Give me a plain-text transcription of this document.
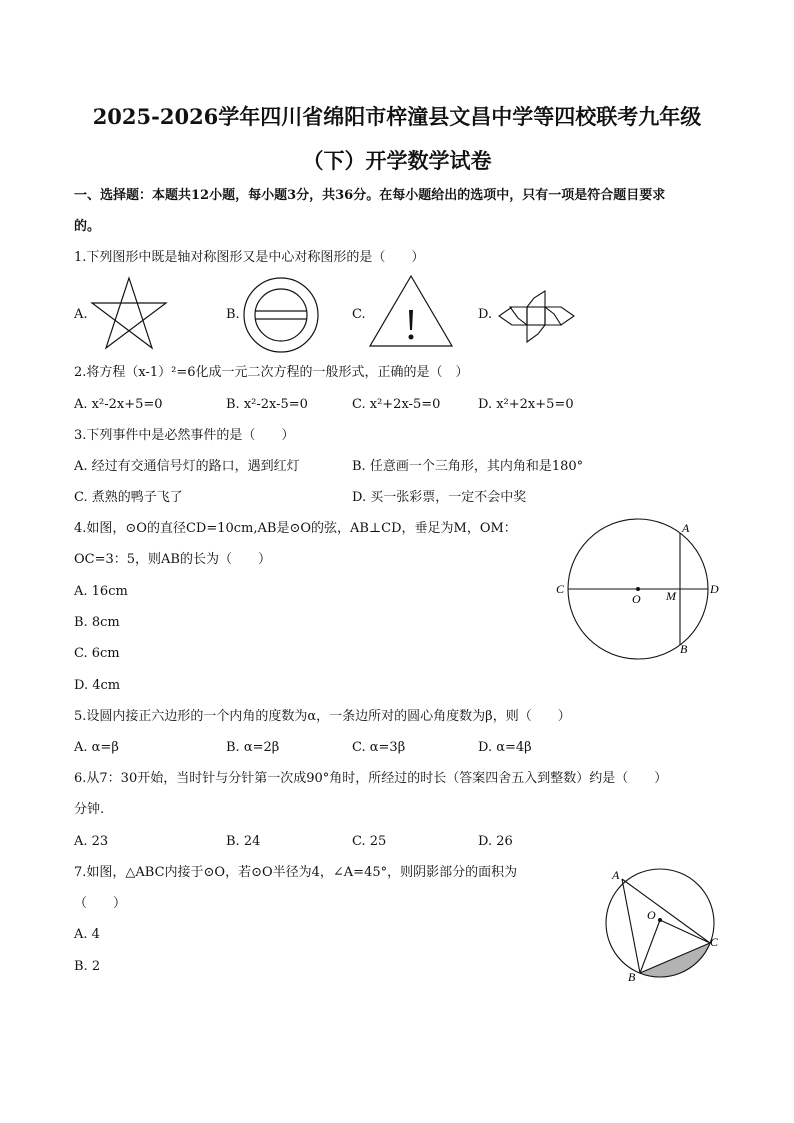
2025-2026学年四川省绵阳市梓潼县文昌中学等四校联考九年级
（下）开学数学试卷
一、选择题：本题共12小题，每小题3分，共36分。在每小题给出的选项中，只有一项是符合题目要求
的。
1.下列图形中既是轴对称图形又是中心对称图形的是（　　）
A.	B.	C.	D.
2.将方程（x-1）²=6化成一元二次方程的一般形式，正确的是（　）
A. x²-2x+5=0	B. x²-2x-5=0	C. x²+2x-5=0	D. x²+2x+5=0
3.下列事件中是必然事件的是（　　）
A. 经过有交通信号灯的路口，遇到红灯	B. 任意画一个三角形，其内角和是180°
C. 煮熟的鸭子飞了	D. 买一张彩票，一定不会中奖
4.如图，⊙O的直径CD=10cm,AB是⊙O的弦，AB⊥CD，垂足为M，OM：
OC=3：5，则AB的长为（　　）
A. 16cm
B. 8cm
C. 6cm
D. 4cm
A
B
C	D
O M
5.设圆内接正六边形的一个内角的度数为α，一条边所对的圆心角度数为β，则（　　）
A. α=β	B. α=2β	C. α=3β	D. α=4β
6.从7：30开始，当时针与分针第一次成90°角时，所经过的时长（答案四舍五入到整数）约是（　　）
分钟.
A. 23	B. 24	C. 25	D. 26
7.如图，△ABC内接于⊙O，若⊙O半径为4，∠A=45°，则阴影部分的面积为
（　　）
A. 4
B. 2
A
B
C
O
